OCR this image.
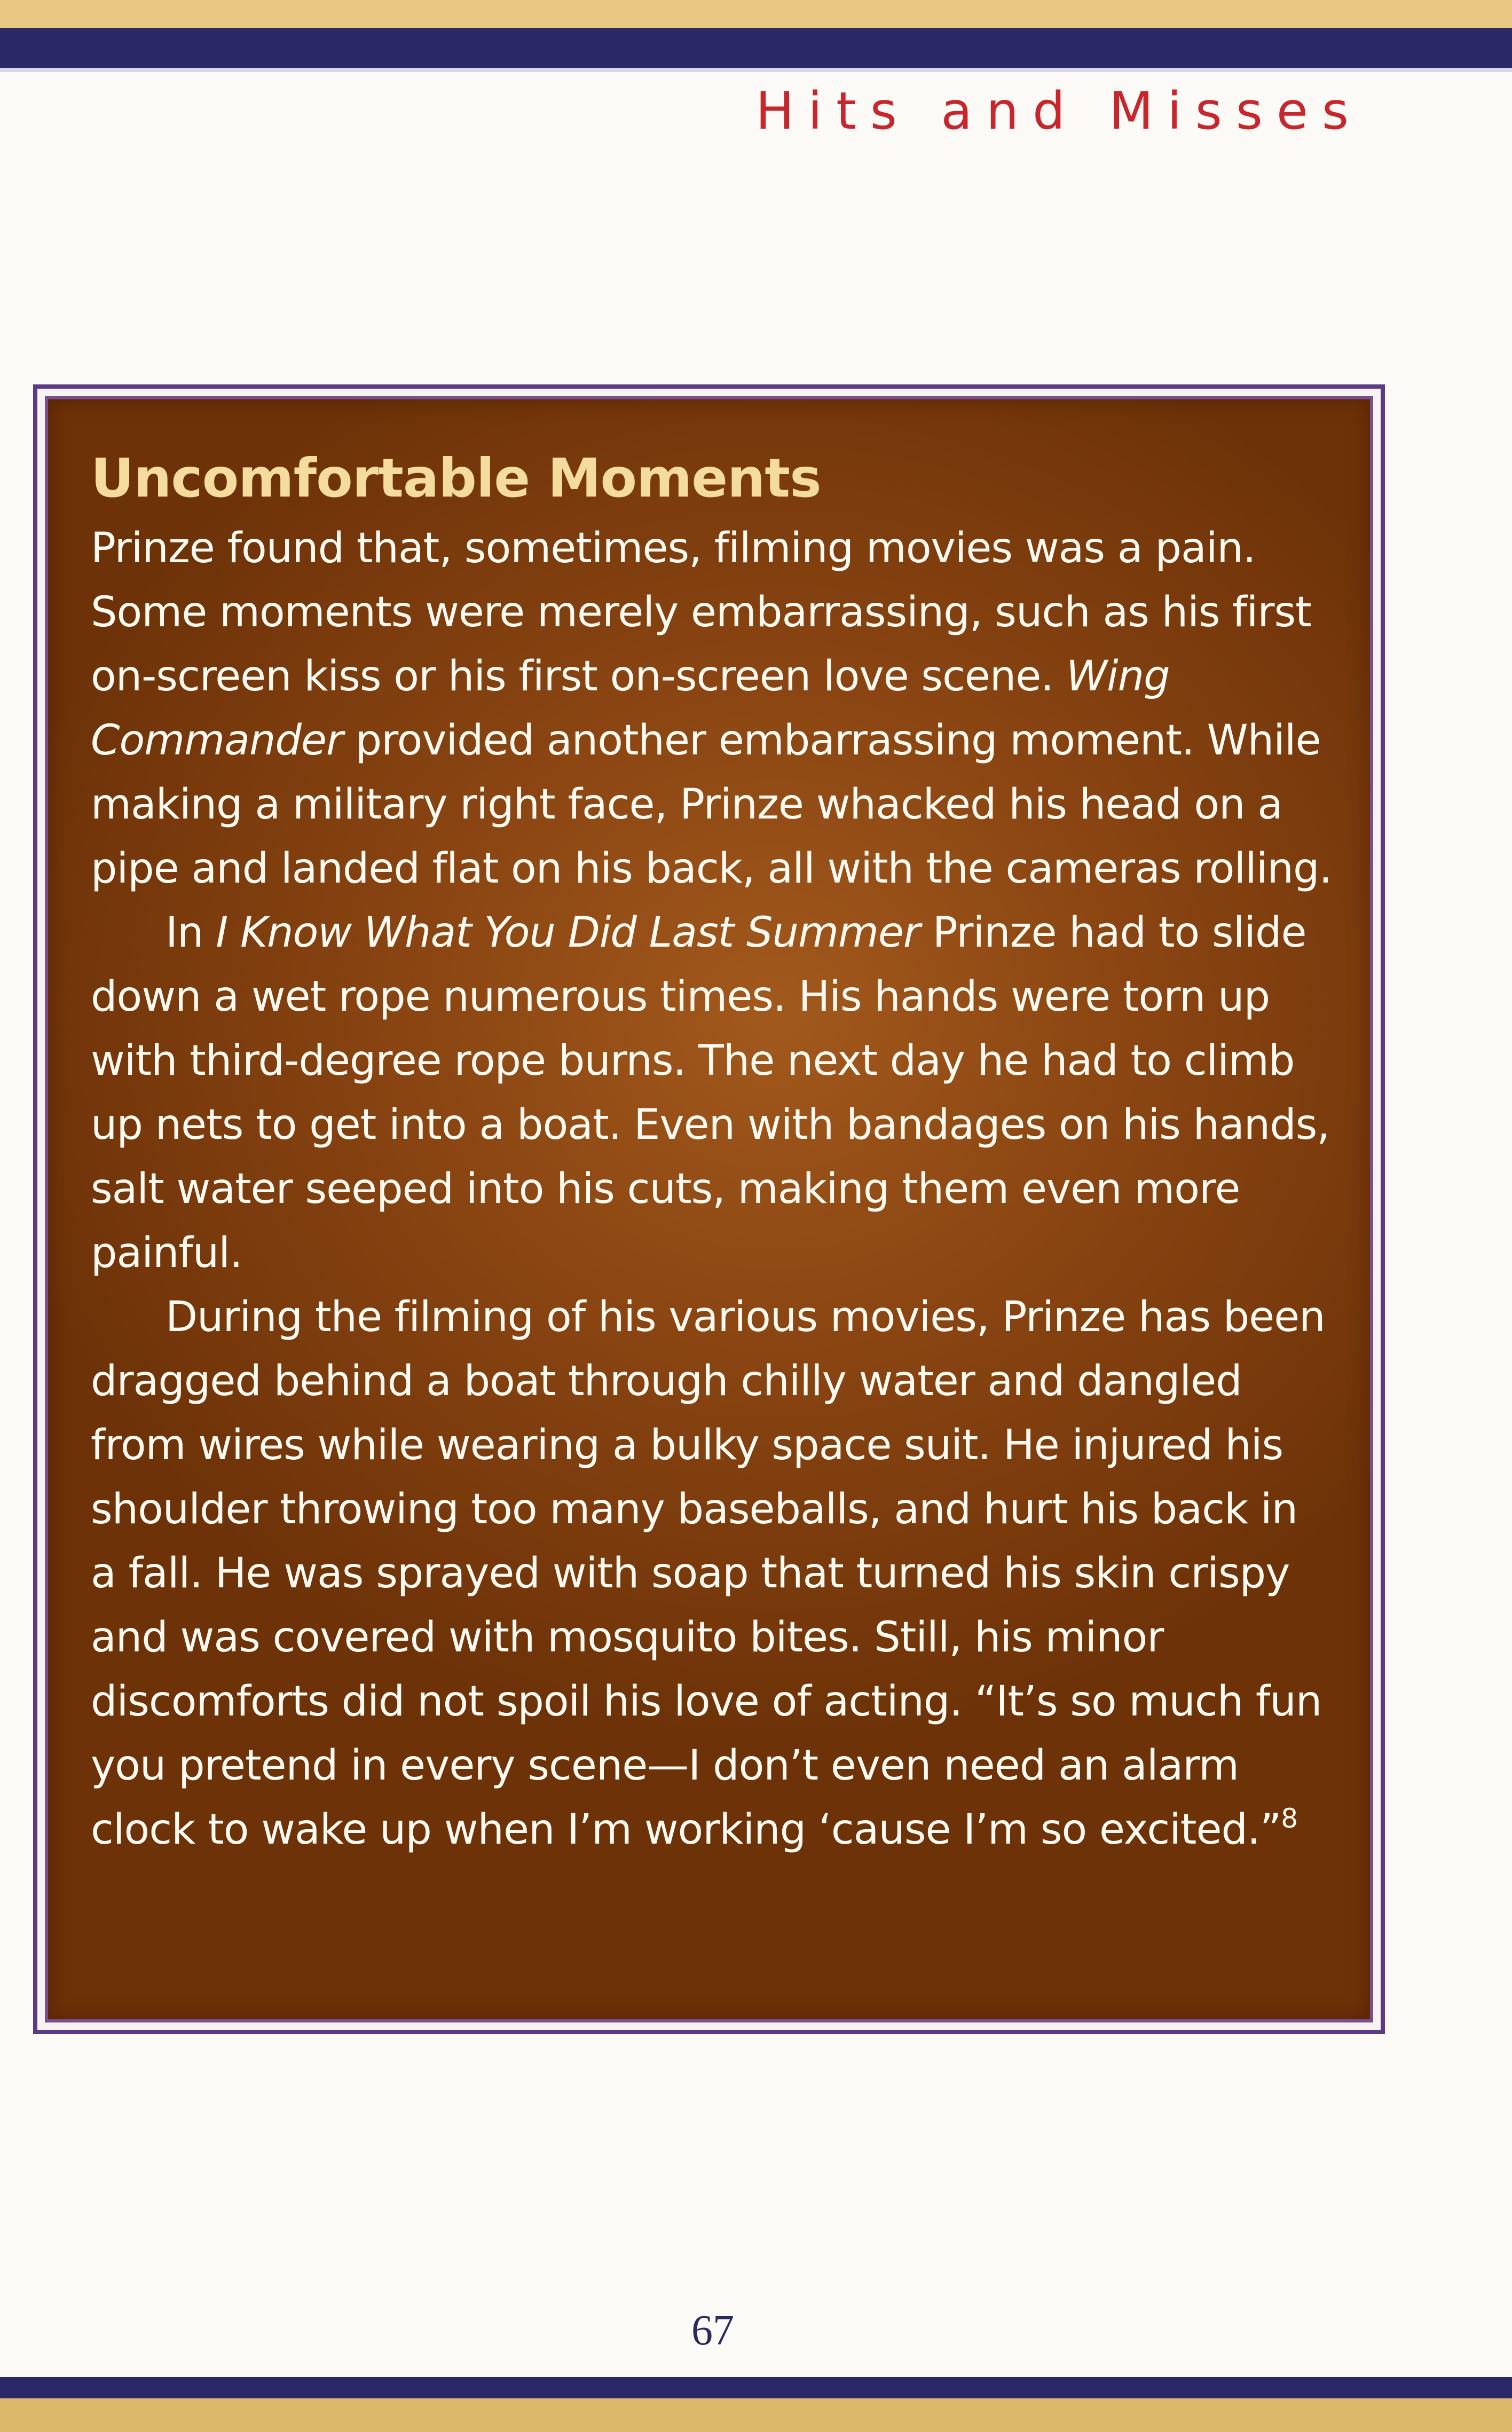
Hits and Misses
Uncomfortable Moments

Prinze found that, sometimes, filming movies was a pain. Some moments were merely embarrassing, such as his first on-screen kiss or his first on-screen love scene. Wing Commander provided another embarrassing moment. While making a military right face, Prinze whacked his head on a pipe and landed flat on his back, all with the cameras rolling.

In I Know What You Did Last Summer Prinze had to slide down a wet rope numerous times. His hands were torn up with third-degree rope burns. The next day he had to climb up nets to get into a boat. Even with bandages on his hands, salt water seeped into his cuts, making them even more painful.

During the filming of his various movies, Prinze has been dragged behind a boat through chilly water and dangled from wires while wearing a bulky space suit. He injured his shoulder throwing too many baseballs, and hurt his back in a fall. He was sprayed with soap that turned his skin crispy and was covered with mosquito bites. Still, his minor discomforts did not spoil his love of acting. “It’s so much fun you pretend in every scene—I don’t even need an alarm clock to wake up when I’m working ‘cause I’m so excited.”$^8$

67
